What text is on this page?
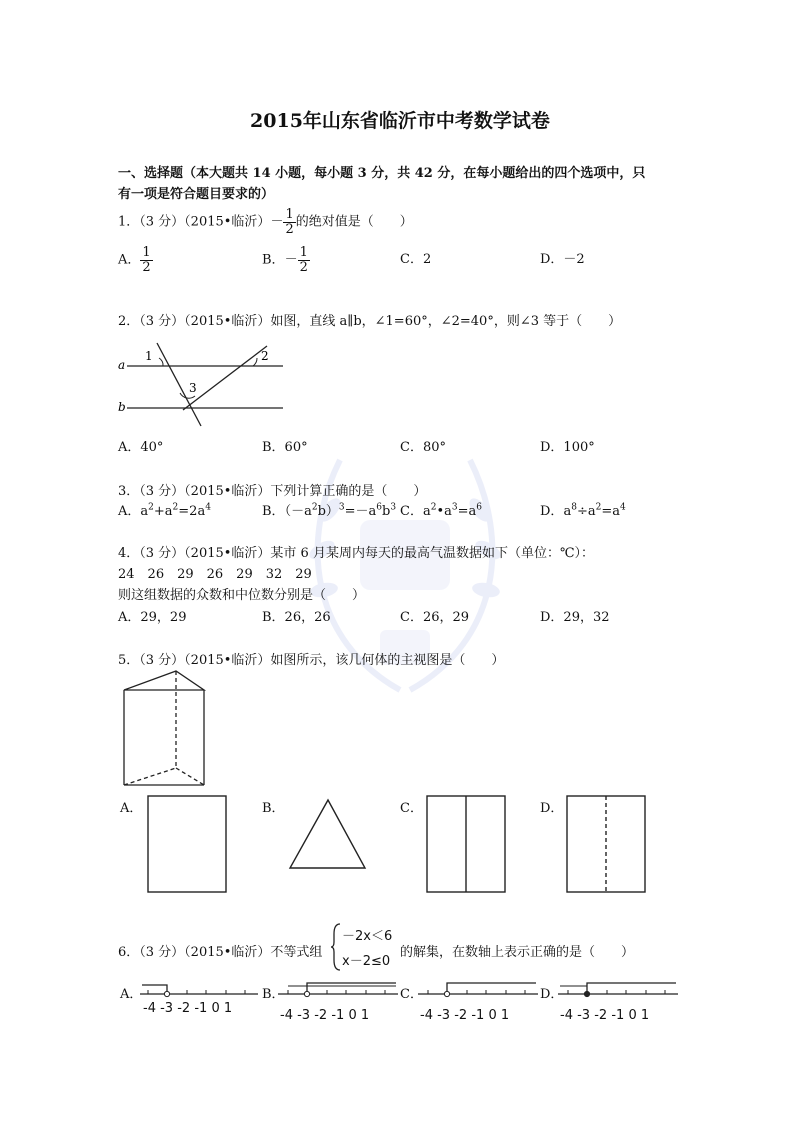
2015年山东省临沂市中考数学试卷
一、选择题（本大题共 14 小题，每小题 3 分，共 42 分，在每小题给出的四个选项中，只
有一项是符合题目要求的）
1．（3 分）（2015•临沂）－ $\frac{1}{2}$ 的绝对值是（　　）
A． $\frac{1}{2}$	B．－ $\frac{1}{2}$	C．2	D．－2
2．（3 分）（2015•临沂）如图，直线 a∥b，∠1=60°，∠2=40°，则∠3 等于（　　）
a
b
1	2
3
A．40°	B．60°	C．80°	D．100°
3．（3 分）（2015•临沂）下列计算正确的是（　　）
A．$a^2+a^2=2a^4$	B．$(-a^2b)^3=-a^6b^3$ C．$a^2•a^3=a^6$	D．$a^8\div a^2=a^4$
4．（3 分）（2015•临沂）某市 6 月某周内每天的最高气温数据如下（单位：℃）：
24　26　29　26　29　32　29
则这组数据的众数和中位数分别是（　　）
A．29，29	B．26，26	C．26，29	D．29，32
5．（3 分）（2015•临沂）如图所示，该几何体的主视图是（　　）
A．	B．	C．	D．
6．（3 分）（2015•临沂）不等式组
－2x＜6
x－2≤0
的解集，在数轴上表示正确的是（　　）
A．
-4 -3 -2 -1 0 1
B．
-4 -3 -2 -1 0 1
C．
-4 -3 -2 -1 0 1
D．
-4 -3 -2 -1 0 1
